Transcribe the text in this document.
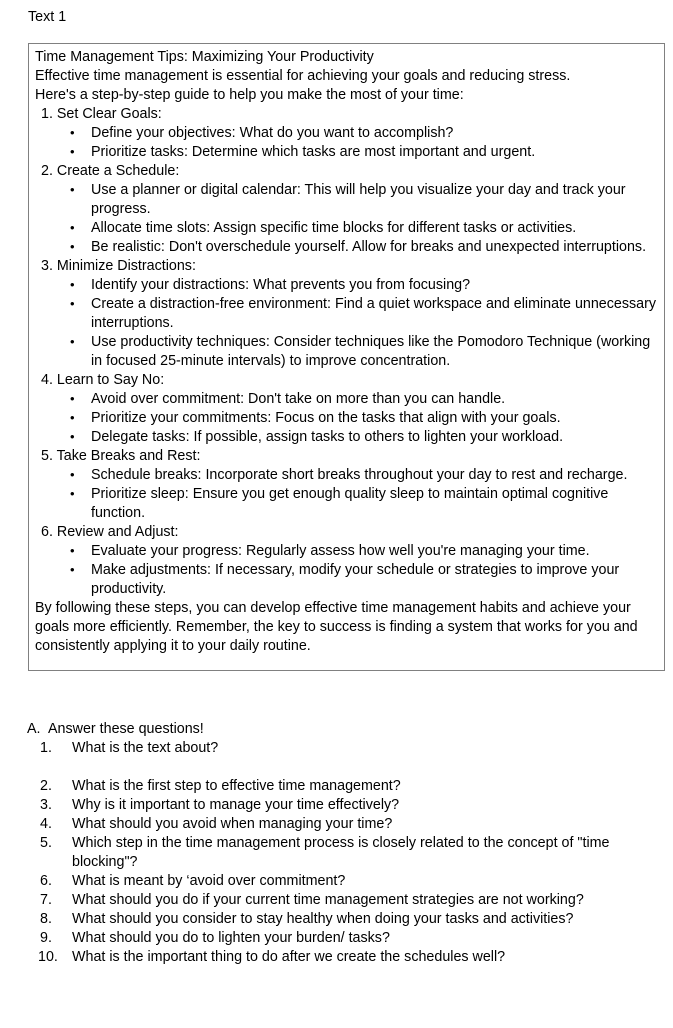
Text 1

Time Management Tips: Maximizing Your Productivity

Effective time management is essential for achieving your goals and reducing stress.

Here's a step-by-step guide to help you make the most of your time:

1. Set Clear Goals:

• Define your objectives: What do you want to accomplish?
• Prioritize tasks: Determine which tasks are most important and urgent.

2. Create a Schedule:

• Use a planner or digital calendar: This will help you visualize your day and track your progress.
• Allocate time slots: Assign specific time blocks for different tasks or activities.
• Be realistic: Don't overschedule yourself. Allow for breaks and unexpected interruptions.

3. Minimize Distractions:

• Identify your distractions: What prevents you from focusing?
• Create a distraction-free environment: Find a quiet workspace and eliminate unnecessary interruptions.
• Use productivity techniques: Consider techniques like the Pomodoro Technique (working in focused 25-minute intervals) to improve concentration.

4. Learn to Say No:

• Avoid over commitment: Don't take on more than you can handle.
• Prioritize your commitments: Focus on the tasks that align with your goals.
• Delegate tasks: If possible, assign tasks to others to lighten your workload.

5. Take Breaks and Rest:

• Schedule breaks: Incorporate short breaks throughout your day to rest and recharge.
• Prioritize sleep: Ensure you get enough quality sleep to maintain optimal cognitive function.

6. Review and Adjust:

• Evaluate your progress: Regularly assess how well you're managing your time.
• Make adjustments: If necessary, modify your schedule or strategies to improve your productivity.

By following these steps, you can develop effective time management habits and achieve your goals more efficiently. Remember, the key to success is finding a system that works for you and consistently applying it to your daily routine.

A. Answer these questions!
1.	What is the text about?
2.	What is the first step to effective time management?
3.	Why is it important to manage your time effectively?
4.	What should you avoid when managing your time?
5.	Which step in the time management process is closely related to the concept of "time blocking"?
6.	What is meant by ‘avoid over commitment?
7.	What should you do if your current time management strategies are not working?
8.	What should you consider to stay healthy when doing your tasks and activities?
9.	What should you do to lighten your burden/ tasks?
10. What is the important thing to do after we create the schedules well?
